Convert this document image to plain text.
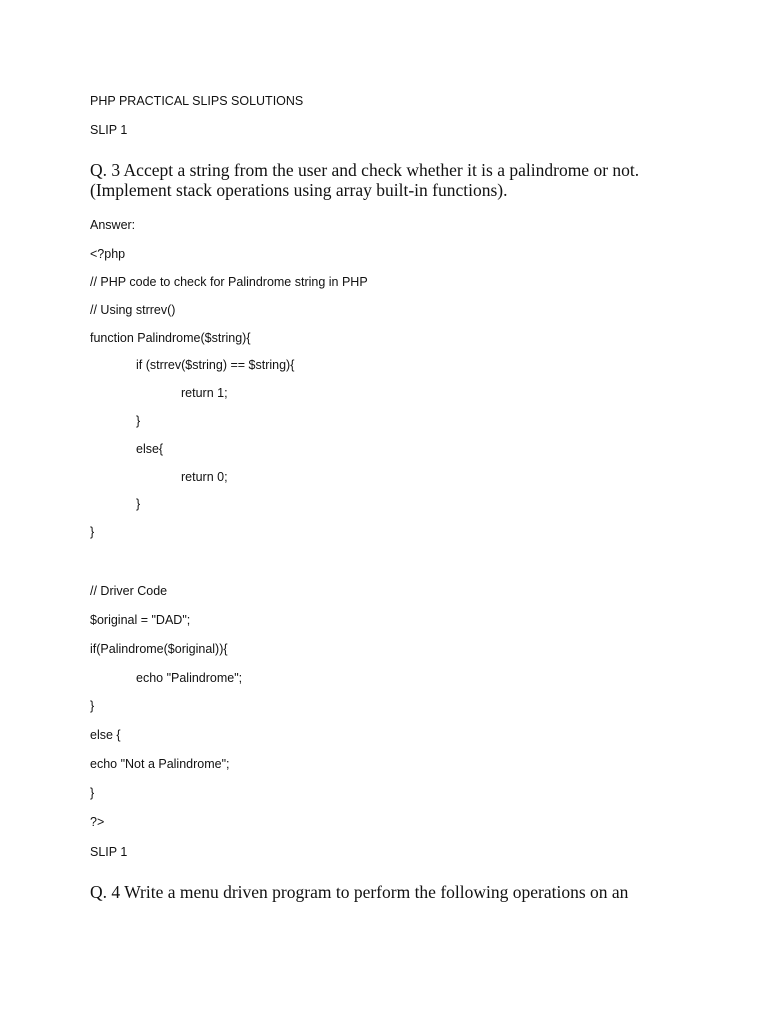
PHP PRACTICAL SLIPS SOLUTIONS
SLIP 1
Q. 3 Accept a string from the user and check whether it is a palindrome or not.
(Implement stack operations using array built-in functions).
Answer:
<?php
// PHP code to check for Palindrome string in PHP
// Using strrev()
function Palindrome($string){
if (strrev($string) == $string){
return 1;
}
else{
return 0;
}
}
// Driver Code
$original = "DAD";
if(Palindrome($original)){
echo "Palindrome";
}
else {
echo "Not a Palindrome";
}
?>
SLIP 1
Q. 4 Write a menu driven program to perform the following operations on an
